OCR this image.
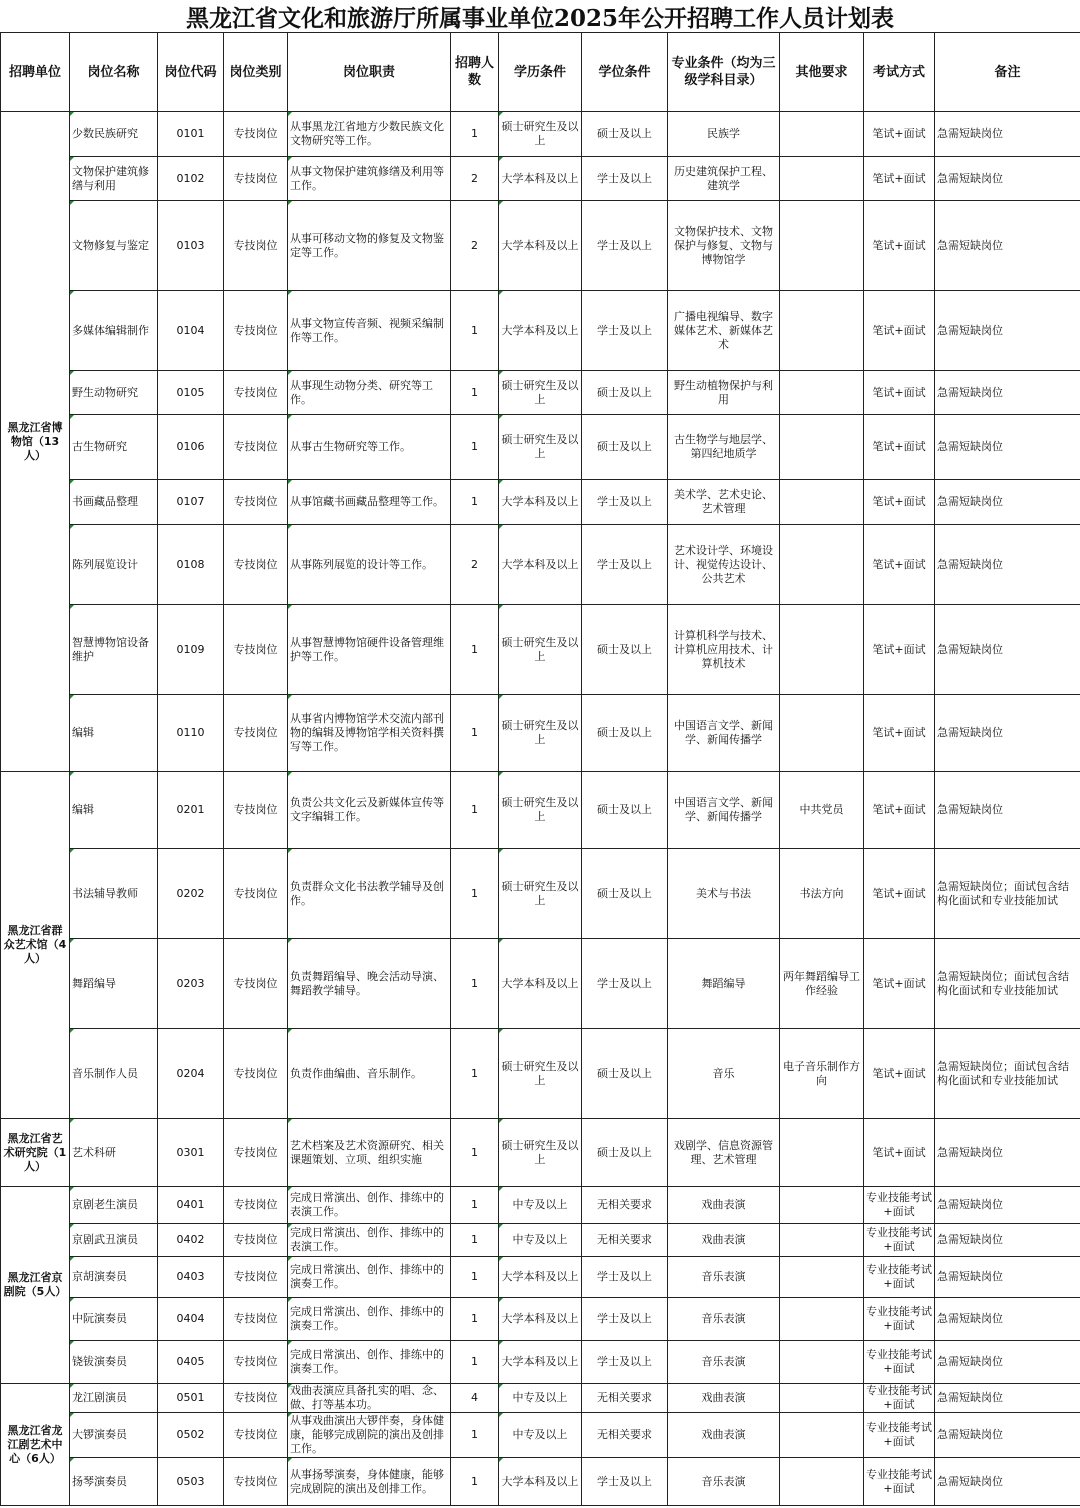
黑龙江省文化和旅游厅所属事业单位2025年公开招聘工作人员计划表
招聘单位	岗位名称	岗位代码	岗位类别	岗位职责	招聘人数	学历条件	学位条件	专业条件（均为三级学科目录）	其他要求	考试方式	备注
黑龙江省博物馆（13人）	少数民族研究	0101	专技岗位	从事黑龙江省地方少数民族文化文物研究等工作。	1	硕士研究生及以上	硕士及以上	民族学		笔试+面试	急需短缺岗位
	文物保护建筑修缮与利用	0102	专技岗位	从事文物保护建筑修缮及利用等工作。	2	大学本科及以上	学士及以上	历史建筑保护工程、建筑学		笔试+面试	急需短缺岗位
	文物修复与鉴定	0103	专技岗位	从事可移动文物的修复及文物鉴定等工作。	2	大学本科及以上	学士及以上	文物保护技术、文物保护与修复、文物与博物馆学		笔试+面试	急需短缺岗位
	多媒体编辑制作	0104	专技岗位	从事文物宣传音频、视频采编制作等工作。	1	大学本科及以上	学士及以上	广播电视编导、数字媒体艺术、新媒体艺术		笔试+面试	急需短缺岗位
	野生动物研究	0105	专技岗位	从事现生动物分类、研究等工作。	1	硕士研究生及以上	硕士及以上	野生动植物保护与利用		笔试+面试	急需短缺岗位
	古生物研究	0106	专技岗位	从事古生物研究等工作。	1	硕士研究生及以上	硕士及以上	古生物学与地层学、第四纪地质学		笔试+面试	急需短缺岗位
	书画藏品整理	0107	专技岗位	从事馆藏书画藏品整理等工作。	1	大学本科及以上	学士及以上	美术学、艺术史论、艺术管理		笔试+面试	急需短缺岗位
	陈列展览设计	0108	专技岗位	从事陈列展览的设计等工作。	2	大学本科及以上	学士及以上	艺术设计学、环境设计、视觉传达设计、公共艺术		笔试+面试	急需短缺岗位
	智慧博物馆设备维护	0109	专技岗位	从事智慧博物馆硬件设备管理维护等工作。	1	硕士研究生及以上	硕士及以上	计算机科学与技术、计算机应用技术、计算机技术		笔试+面试	急需短缺岗位
	编辑	0110	专技岗位	从事省内博物馆学术交流内部刊物的编辑及博物馆学相关资料撰写等工作。	1	硕士研究生及以上	硕士及以上	中国语言文学、新闻学、新闻传播学		笔试+面试	急需短缺岗位
黑龙江省群众艺术馆（4人）	编辑	0201	专技岗位	负责公共文化云及新媒体宣传等文字编辑工作。	1	硕士研究生及以上	硕士及以上	中国语言文学、新闻学、新闻传播学	中共党员	笔试+面试	急需短缺岗位
	书法辅导教师	0202	专技岗位	负责群众文化书法教学辅导及创作。	1	硕士研究生及以上	硕士及以上	美术与书法	书法方向	笔试+面试	急需短缺岗位；面试包含结构化面试和专业技能加试
	舞蹈编导	0203	专技岗位	负责舞蹈编导、晚会活动导演、舞蹈教学辅导。	1	大学本科及以上	学士及以上	舞蹈编导	两年舞蹈编导工作经验	笔试+面试	急需短缺岗位；面试包含结构化面试和专业技能加试
	音乐制作人员	0204	专技岗位	负责作曲编曲、音乐制作。	1	硕士研究生及以上	硕士及以上	音乐	电子音乐制作方向	笔试+面试	急需短缺岗位；面试包含结构化面试和专业技能加试
黑龙江省艺术研究院（1人）	艺术科研	0301	专技岗位	艺术档案及艺术资源研究、相关课题策划、立项、组织实施	1	硕士研究生及以上	硕士及以上	戏剧学、信息资源管理、艺术管理		笔试+面试	急需短缺岗位
黑龙江省京剧院（5人）	京剧老生演员	0401	专技岗位	完成日常演出、创作、排练中的表演工作。	1	中专及以上	无相关要求	戏曲表演		专业技能考试+面试	急需短缺岗位
	京剧武丑演员	0402	专技岗位	完成日常演出、创作、排练中的表演工作。	1	中专及以上	无相关要求	戏曲表演		专业技能考试+面试	急需短缺岗位
	京胡演奏员	0403	专技岗位	完成日常演出、创作、排练中的演奏工作。	1	大学本科及以上	学士及以上	音乐表演		专业技能考试+面试	急需短缺岗位
	中阮演奏员	0404	专技岗位	完成日常演出、创作、排练中的演奏工作。	1	大学本科及以上	学士及以上	音乐表演		专业技能考试+面试	急需短缺岗位
	铙钹演奏员	0405	专技岗位	完成日常演出、创作、排练中的演奏工作。	1	大学本科及以上	学士及以上	音乐表演		专业技能考试+面试	急需短缺岗位
黑龙江省龙江剧艺术中心（6人）	龙江剧演员	0501	专技岗位	戏曲表演应具备扎实的唱、念、做、打等基本功。	4	中专及以上	无相关要求	戏曲表演		专业技能考试+面试	急需短缺岗位
	大锣演奏员	0502	专技岗位	从事戏曲演出大锣伴奏，身体健康，能够完成剧院的演出及创排工作。	1	中专及以上	无相关要求	戏曲表演		专业技能考试+面试	急需短缺岗位
	扬琴演奏员	0503	专技岗位	从事扬琴演奏，身体健康，能够完成剧院的演出及创排工作。	1	大学本科及以上	学士及以上	音乐表演		专业技能考试+面试	急需短缺岗位
